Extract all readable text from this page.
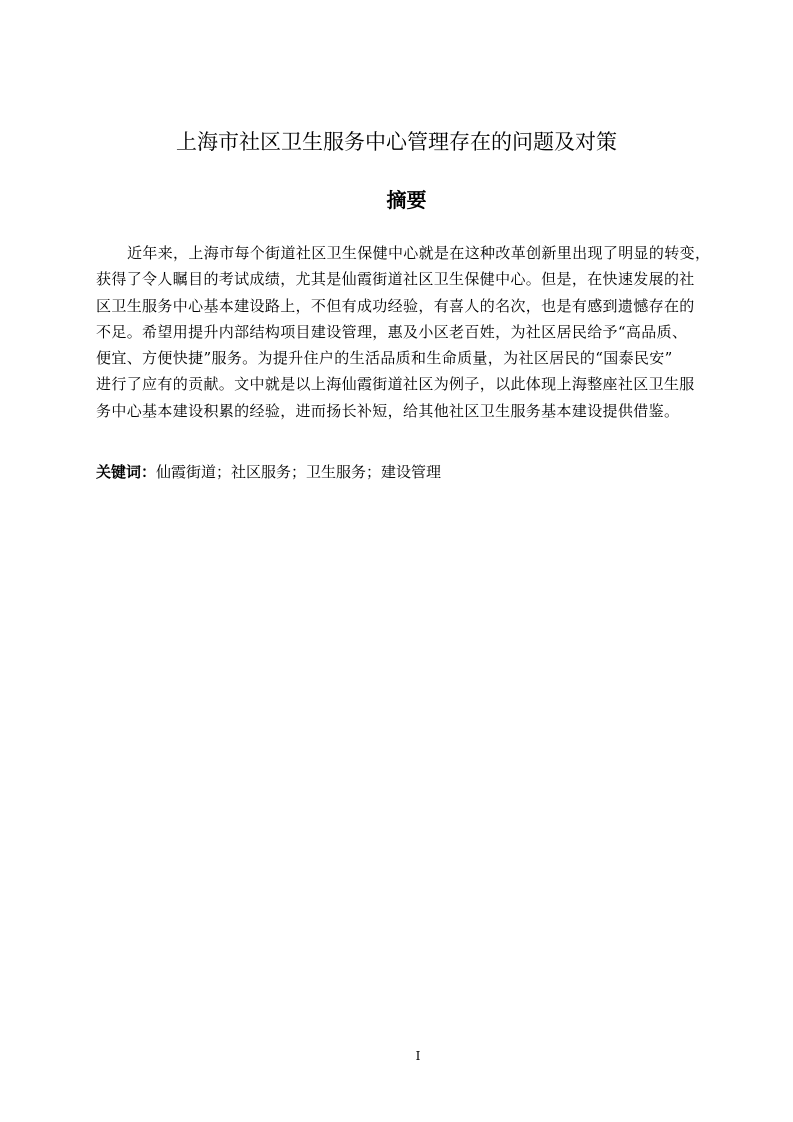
上海市社区卫生服务中心管理存在的问题及对策
摘要
近年来，上海市每个街道社区卫生保健中心就是在这种改革创新里出现了明显的转变，
获得了令人瞩目的考试成绩，尤其是仙霞街道社区卫生保健中心。但是，在快速发展的社
区卫生服务中心基本建设路上，不但有成功经验，有喜人的名次，也是有感到遗憾存在的
不足。希望用提升内部结构项目建设管理，惠及小区老百姓，为社区居民给予“高品质、
便宜、方便快捷”服务。为提升住户的生活品质和生命质量，为社区居民的“国泰民安”
进行了应有的贡献。文中就是以上海仙霞街道社区为例子，以此体现上海整座社区卫生服
务中心基本建设积累的经验，进而扬长补短，给其他社区卫生服务基本建设提供借鉴。

关键词：仙霞街道；社区服务；卫生服务；建设管理

I
